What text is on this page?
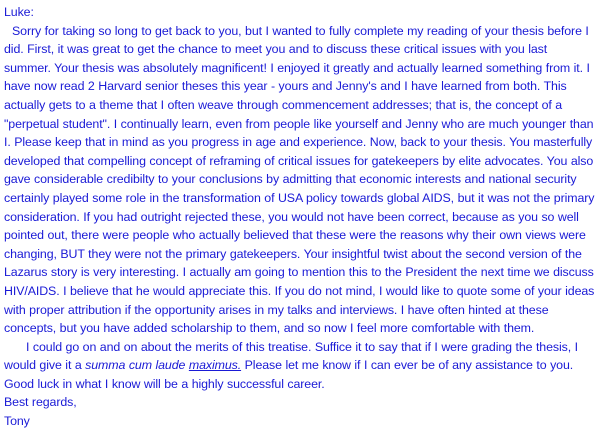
Luke:

Sorry for taking so long to get back to you, but I wanted to fully complete my reading of your thesis before I did. First, it was great to get the chance to meet you and to discuss these critical issues with you last summer. Your thesis was absolutely magnificent! I enjoyed it greatly and actually learned something from it. I have now read 2 Harvard senior theses this year - yours and Jenny's and I have learned from both. This actually gets to a theme that I often weave through commencement addresses; that is, the concept of a "perpetual student". I continually learn, even from people like yourself and Jenny who are much younger than I. Please keep that in mind as you progress in age and experience. Now, back to your thesis. You masterfully developed that compelling concept of reframing of critical issues for gatekeepers by elite advocates. You also gave considerable credibilty to your conclusions by admitting that economic interests and national security certainly played some role in the transformation of USA policy towards global AIDS, but it was not the primary consideration. If you had outright rejected these, you would not have been correct, because as you so well pointed out, there were people who actually believed that these were the reasons why their own views were changing, BUT they were not the primary gatekeepers. Your insightful twist about the second version of the Lazarus story is very interesting. I actually am going to mention this to the President the next time we discuss HIV/AIDS. I believe that he would appreciate this. If you do not mind, I would like to quote some of your ideas with proper attribution if the opportunity arises in my talks and interviews. I have often hinted at these concepts, but you have added scholarship to them, and so now I feel more comfortable with them.

I could go on and on about the merits of this treatise. Suffice it to say that if I were grading the thesis, I would give it a summa cum laude maximus. Please let me know if I can ever be of any assistance to you.

Good luck in what I know will be a highly successful career.

Best regards,

Tony
